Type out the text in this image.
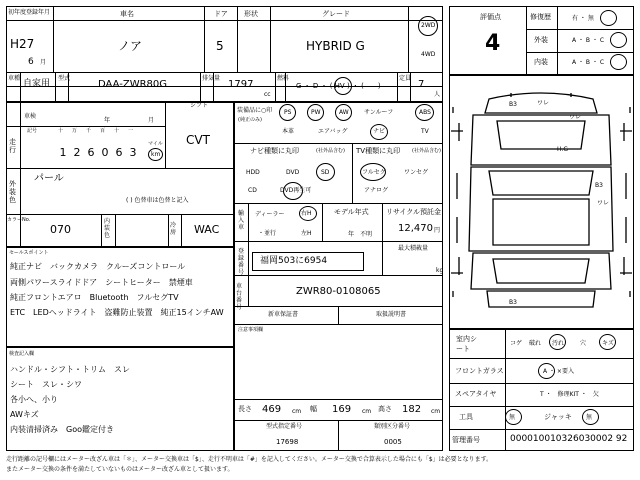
初年度登録年月
H27
6 月
車名
ノア
ドア
5
形状	グレード
HYBRID G
2WD
4WD
車種
自家用
型式
DAA-ZWR80G
排気量
1797
cc
燃料
G ・ D ・ ( HV ) ・ (　　)
定員
7
人
シフト
CVT
車検
年	月
走行
記号	十 万 千 百 十 一
1 2 6 0 6 3
マイル
km
外装色
パール
( ) 色替車は色替と記入
カラーNo.
070
内装色
冷房 WAC
セールスポイント
純正ナビ　バックカメラ　クルーズコントロール
両側パワースライドドア　シートヒーター　禁煙車
純正フロントエアロ　Bluetooth　フルセグTV
ETC　LEDヘッドライト　盗難防止装置　純正15インチAW
検査記入欄
ハンドル・シフト・トリム　スレ
シート　スレ・シワ
各小へ、小り
AWキズ
内装清掃済み　Goo鑑定付き
装備品に○印
(純正のみ)
PS	PW	AW	サンルーフ	ABS
本革	エアバッグ	ナビ	TV
ナビ種類に丸印	(社外品含む)
HDD	DVD	SD
CD	DVD再生可
TV種類に丸印 (社外品含む)
フルセグ	ワンセグ
アナログ
輸入車
ディーラー	右H
・並行	左H
モデル年式
年　不明
リサイクル預託金
12,470 円
最大積載量
kg
登録番号
福岡503に6954
車台番号
ZWR80-0108065
新車保証書	取扱説明書
注意事項欄
長さ 469 cm 幅 169 cm 高さ 182 cm
型式指定番号
17698
類別区分番号
0005
評価点
4
修復歴	有 ・ 無
外装	A ・ B ・ C
内装	A ・ B ・ C
B3	ワレ
ワレ
H.G
B3
ワレ
B3
室内シート
コゲ 破れ 汚れ	穴	キズ
フロントガラス	A ・ ×要入
スペアタイヤ	T ・　修理KIT ・　欠
工具	無	ジャッキ 無
管理番号	000010010326030002 92
走行距離の記号欄にはメーター改ざん車は「＊」、メーター交換車は「$」、走行不明車は「#」を記入してください。メーター交換で合算表示した場合にも「$」は必要となります。
またメーター交換の条件を満たしていないものはメーター改ざん車として扱います。
